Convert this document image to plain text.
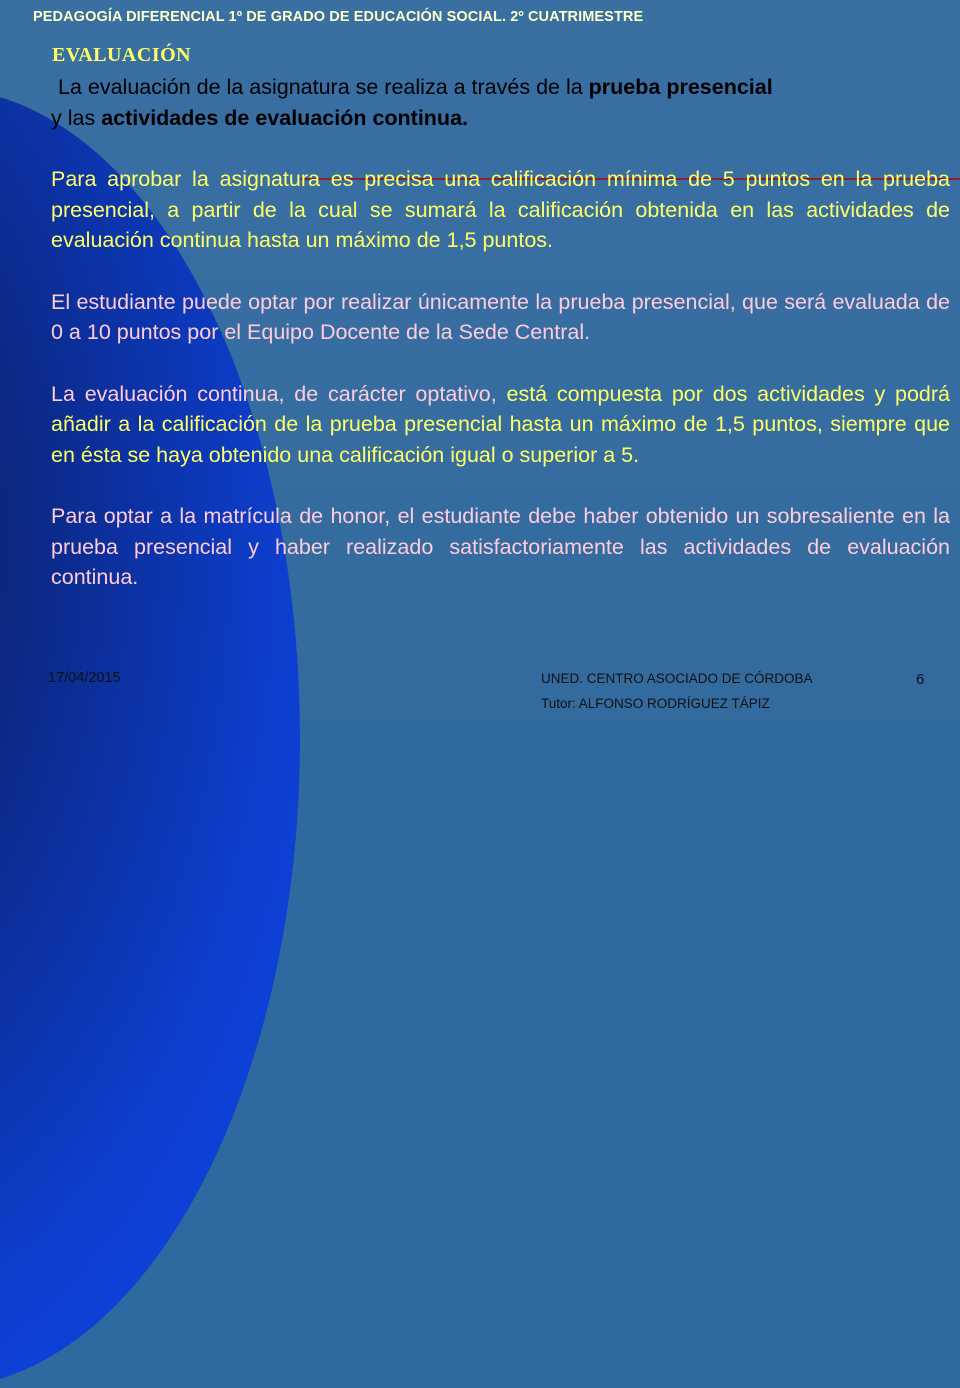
PEDAGOGÍA DIFERENCIAL 1º DE GRADO DE EDUCACIÓN SOCIAL. 2º CUATRIMESTRE
EVALUACIÓN

La evaluación de la asignatura se realiza a través de la prueba presencial
y las actividades de evaluación continua.

Para aprobar la asignatura es precisa una calificación mínima de 5 puntos en la prueba presencial, a partir de la cual se sumará la calificación obtenida en las actividades de evaluación continua hasta un máximo de 1,5 puntos.

El estudiante puede optar por realizar únicamente la prueba presencial, que será evaluada de 0 a 10 puntos por el Equipo Docente de la Sede Central.

La evaluación continua, de carácter optativo, está compuesta por dos actividades y podrá añadir a la calificación de la prueba presencial hasta un máximo de 1,5 puntos, siempre que en ésta se haya obtenido una calificación igual o superior a 5.

Para optar a la matrícula de honor, el estudiante debe haber obtenido un sobresaliente en la prueba presencial y haber realizado satisfactoriamente las actividades de evaluación continua.

17/04/2015	UNED. CENTRO ASOCIADO DE CÓRDOBA
Tutor: ALFONSO RODRÍGUEZ TÁPIZ
6
